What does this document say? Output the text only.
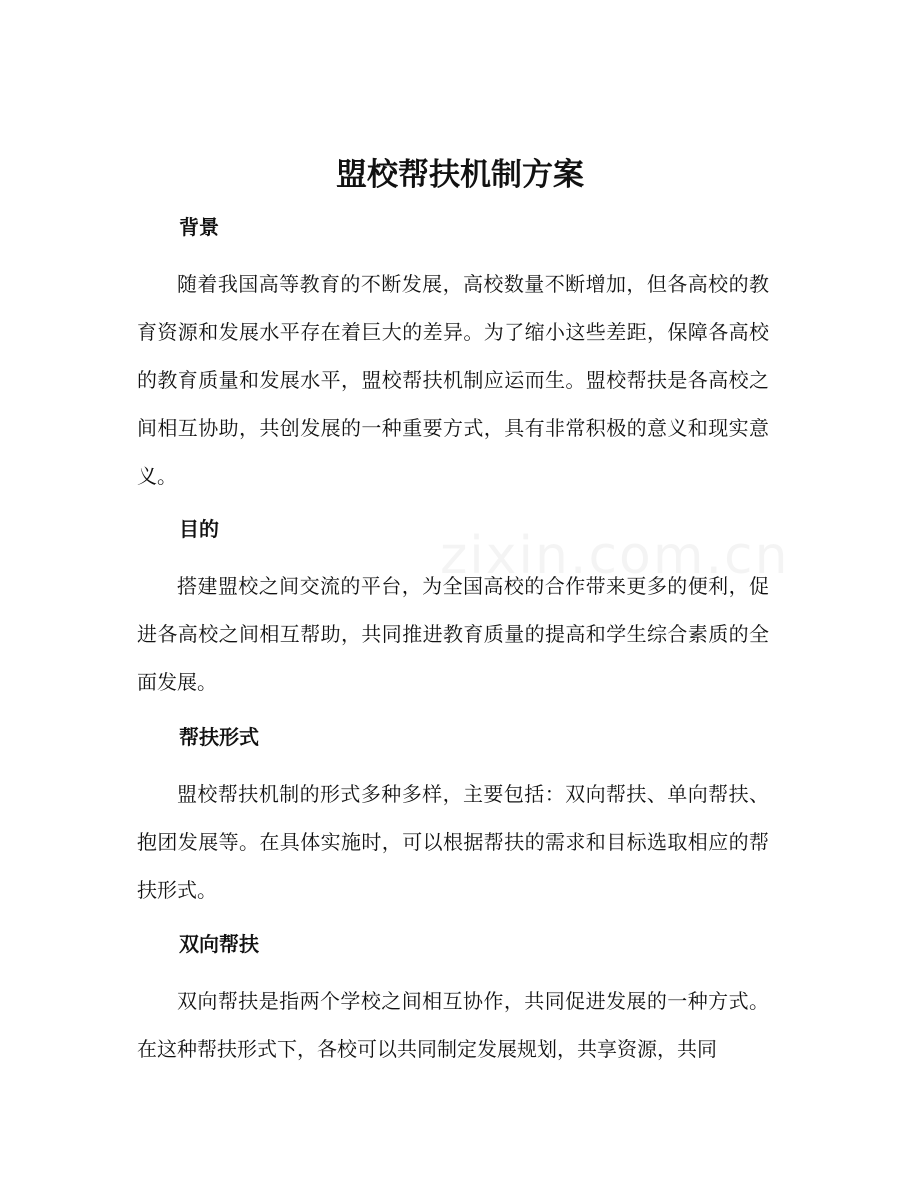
盟校帮扶机制方案
背景

随着我国高等教育的不断发展，高校数量不断增加，但各高校的教育资源和发展水平存在着巨大的差异。为了缩小这些差距，保障各高校的教育质量和发展水平，盟校帮扶机制应运而生。盟校帮扶是各高校之间相互协助，共创发展的一种重要方式，具有非常积极的意义和现实意义。

目的

搭建盟校之间交流的平台，为全国高校的合作带来更多的便利，促进各高校之间相互帮助，共同推进教育质量的提高和学生综合素质的全面发展。

帮扶形式

盟校帮扶机制的形式多种多样，主要包括：双向帮扶、单向帮扶、抱团发展等。在具体实施时，可以根据帮扶的需求和目标选取相应的帮扶形式。

双向帮扶

双向帮扶是指两个学校之间相互协作，共同促进发展的一种方式。在这种帮扶形式下，各校可以共同制定发展规划，共享资源，共同
